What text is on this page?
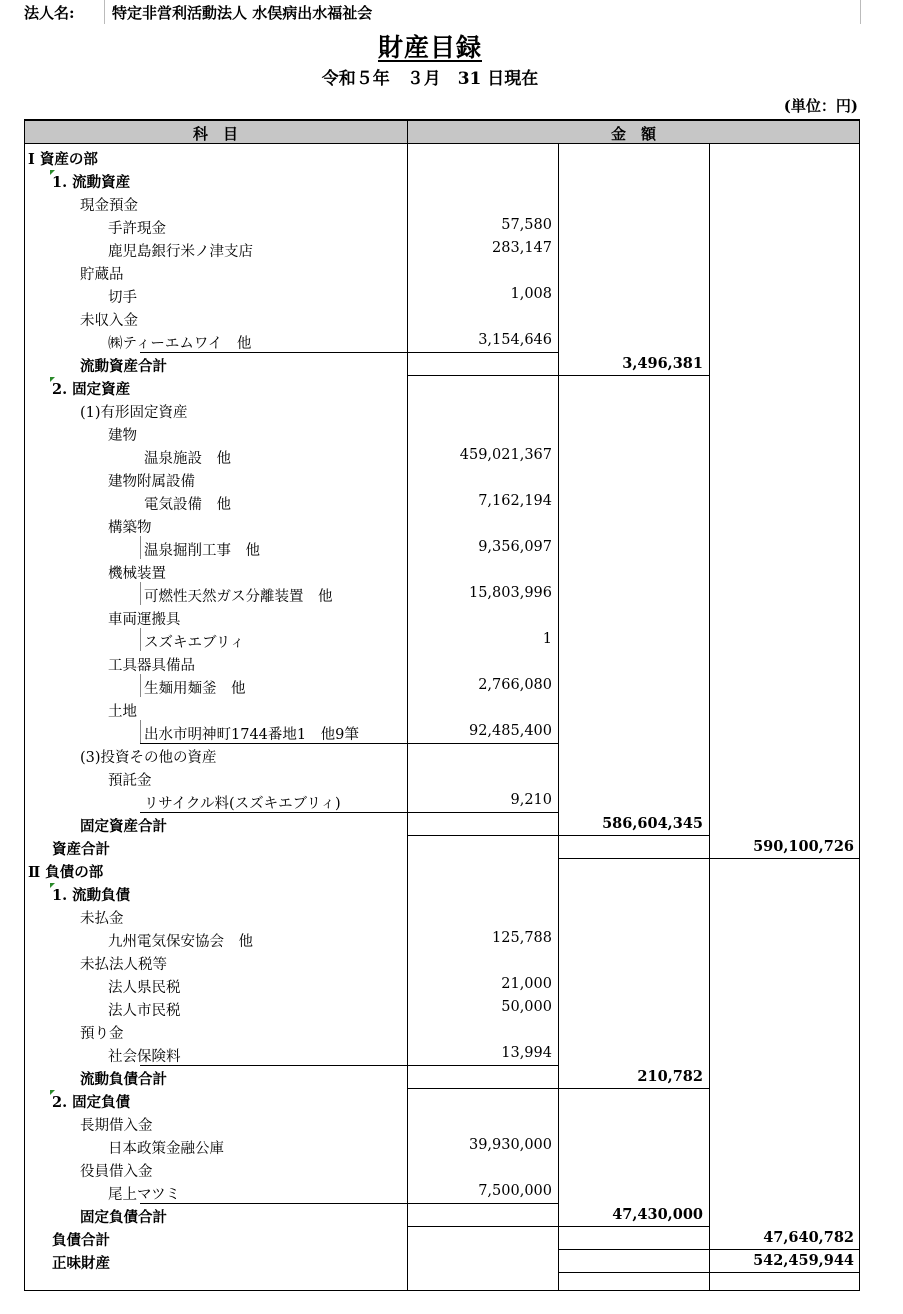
法人名: 特定非営利活動法人 水俣病出水福祉会
財産目録
令和５年　３月　31 日現在
(単位：円)
科　目	金　額
Ⅰ 資産の部
1. 流動資産
現金預金
手許現金	57,580
鹿児島銀行米ノ津支店	283,147
貯蔵品
切手	1,008
未収入金
㈱ティーエムワイ　他	3,154,646
流動資産合計	3,496,381
2. 固定資産
(1)有形固定資産
建物
温泉施設　他	459,021,367
建物附属設備
電気設備　他	7,162,194
構築物
温泉掘削工事　他	9,356,097
機械装置
可燃性天然ガス分離装置　他	15,803,996
車両運搬具
スズキエブリィ	1
工具器具備品
生麺用麺釜　他	2,766,080
土地
出水市明神町1744番地1　他9筆	92,485,400
(3)投資その他の資産
預託金
リサイクル料(スズキエブリィ)	9,210
固定資産合計	586,604,345
資産合計	590,100,726
Ⅱ 負債の部
1. 流動負債
未払金
九州電気保安協会　他	125,788
未払法人税等
法人県民税	21,000
法人市民税	50,000
預り金
社会保険料	13,994
流動負債合計	210,782
2. 固定負債
長期借入金
日本政策金融公庫	39,930,000
役員借入金
尾上マツミ	7,500,000
固定負債合計	47,430,000
負債合計	47,640,782
正味財産	542,459,944
